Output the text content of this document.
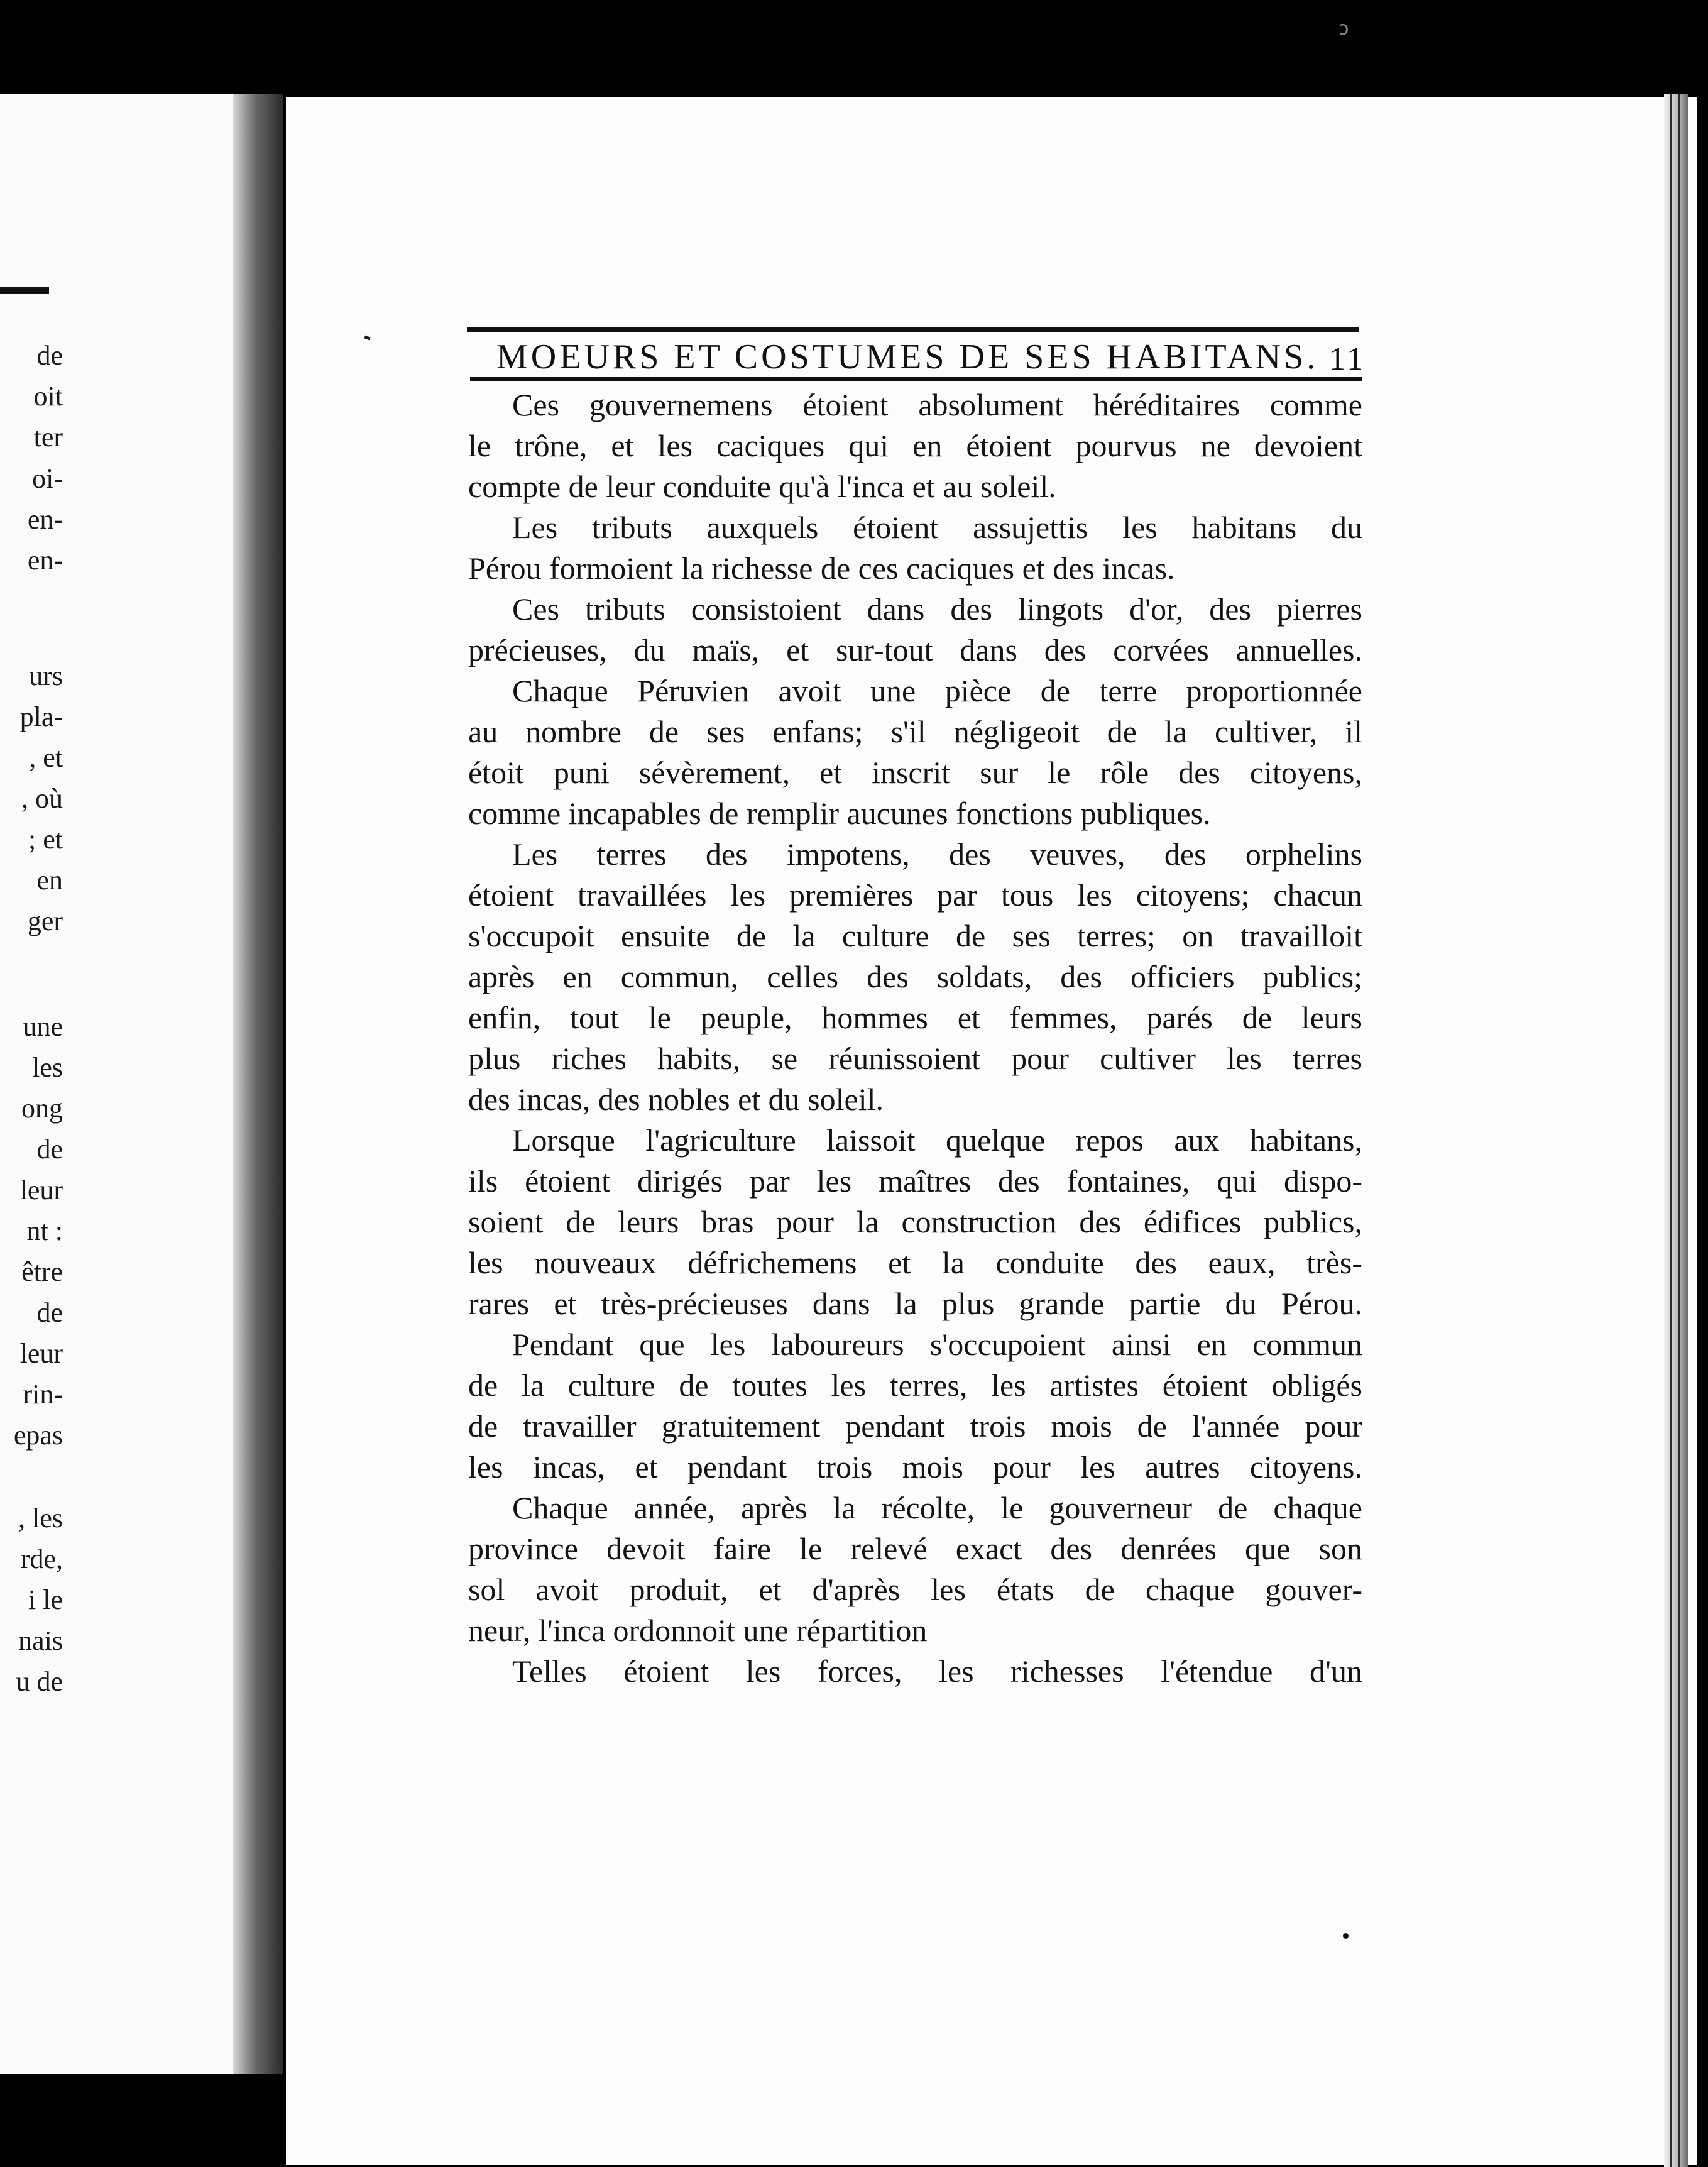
de
oit
ter
oi-
en-
en-
urs
pla-
, et
, où
; et
en
ger
une
les
ong
de
leur
nt :
être
de
leur
rin-
epas
, les
rde,
i le
nais
u de
ↄ
MOEURS ET COSTUMES DE SES HABITANS. 11
Ces gouvernemens étoient absolument héréditaires comme
le trône, et les caciques qui en étoient pourvus ne devoient
compte de leur conduite qu'à l'inca et au soleil.
Les tributs auxquels étoient assujettis les habitans du
Pérou formoient la richesse de ces caciques et des incas.
Ces tributs consistoient dans des lingots d'or, des pierres
précieuses, du maïs, et sur-tout dans des corvées annuelles.
Chaque Péruvien avoit une pièce de terre proportionnée
au nombre de ses enfans; s'il négligeoit de la cultiver, il
étoit puni sévèrement, et inscrit sur le rôle des citoyens,
comme incapables de remplir aucunes fonctions publiques.
Les terres des impotens, des veuves, des orphelins
étoient travaillées les premières par tous les citoyens; chacun
s'occupoit ensuite de la culture de ses terres; on travailloit
après en commun, celles des soldats, des officiers publics;
enfin, tout le peuple, hommes et femmes, parés de leurs
plus riches habits, se réunissoient pour cultiver les terres
des incas, des nobles et du soleil.
Lorsque l'agriculture laissoit quelque repos aux habitans,
ils étoient dirigés par les maîtres des fontaines, qui dispo-
soient de leurs bras pour la construction des édifices publics,
les nouveaux défrichemens et la conduite des eaux, très-
rares et très-précieuses dans la plus grande partie du Pérou.
Pendant que les laboureurs s'occupoient ainsi en commun
de la culture de toutes les terres, les artistes étoient obligés
de travailler gratuitement pendant trois mois de l'année pour
les incas, et pendant trois mois pour les autres citoyens.
Chaque année, après la récolte, le gouverneur de chaque
province devoit faire le relevé exact des denrées que son
sol avoit produit, et d'après les états de chaque gouver-
neur, l'inca ordonnoit une répartition
Telles étoient les forces, les richesses l'étendue d'un
